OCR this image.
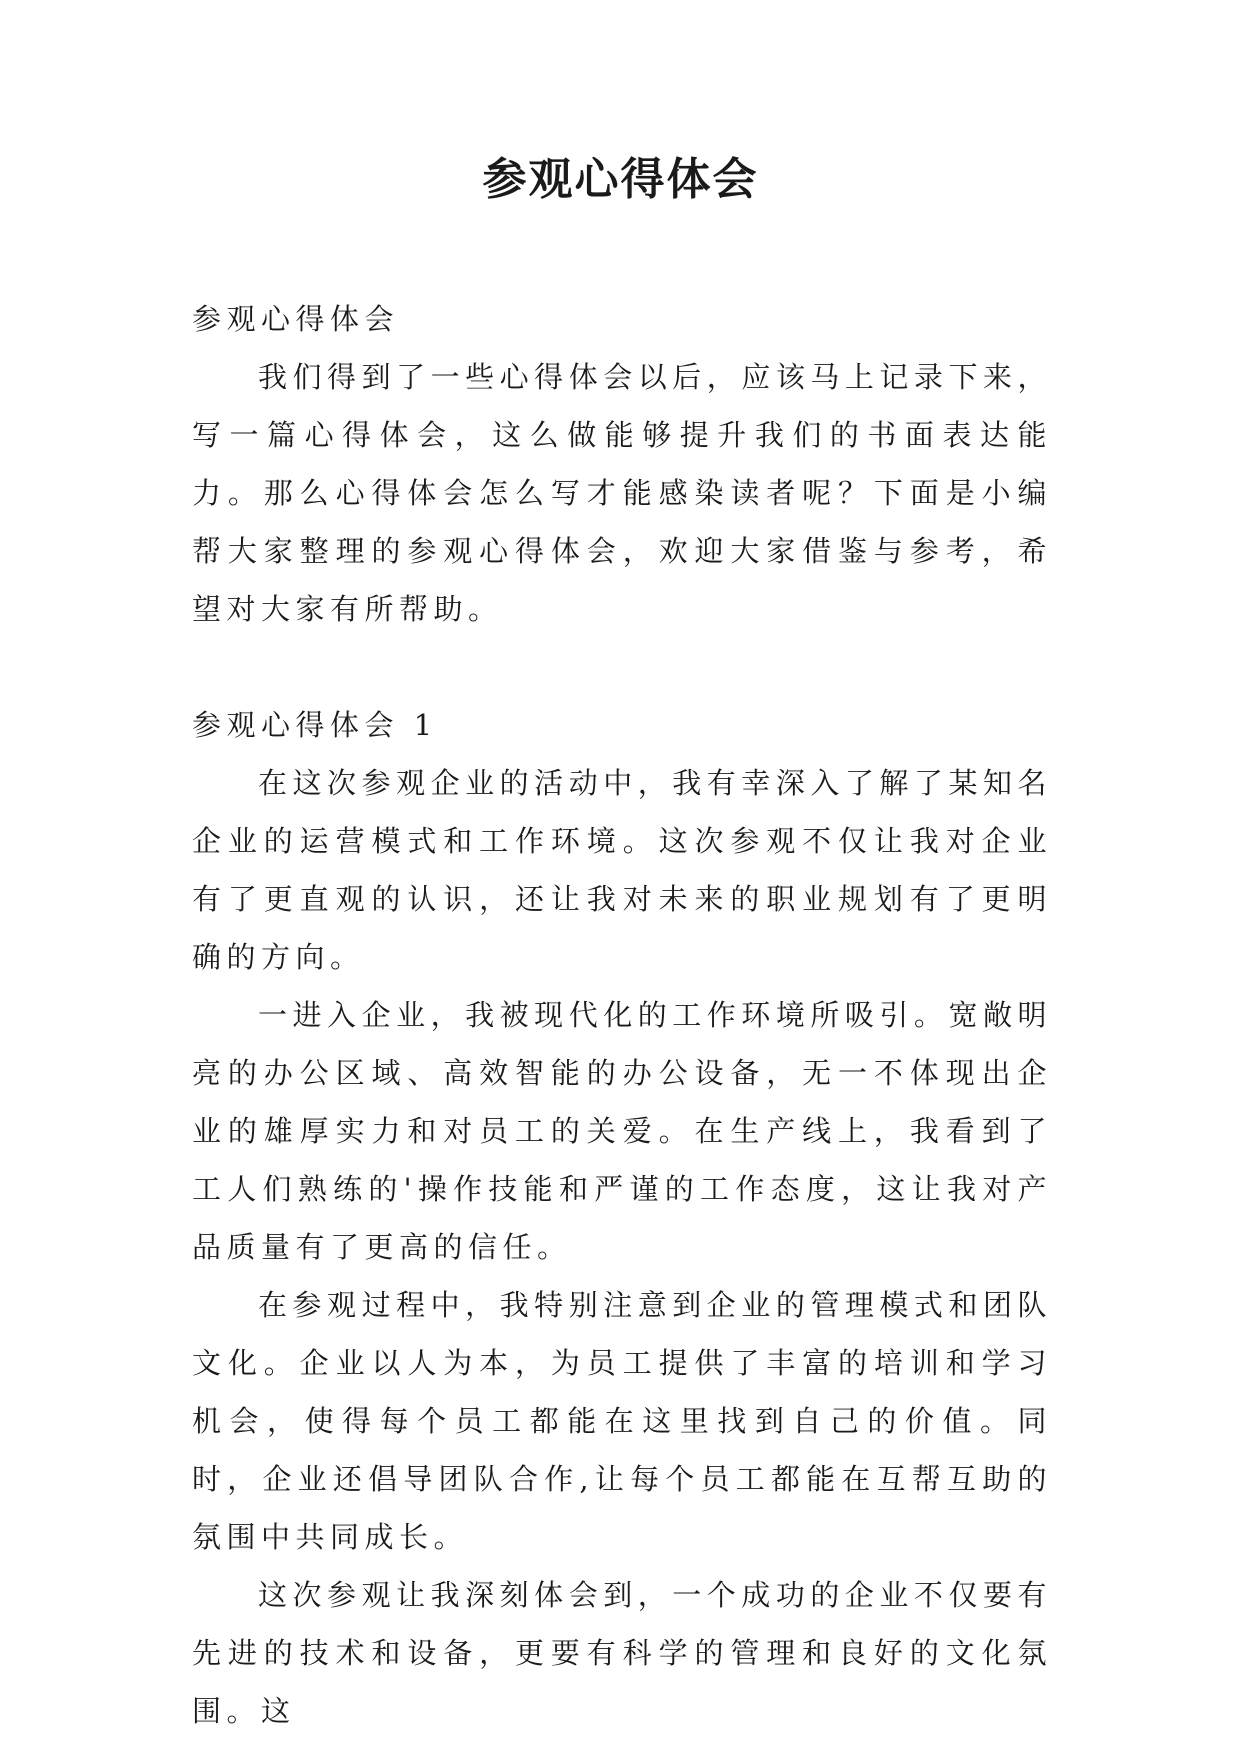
参观心得体会

参观心得体会

我们得到了一些心得体会以后，应该马上记录下来，写一篇心得体会，这么做能够提升我们的书面表达能力。那么心得体会怎么写才能感染读者呢？下面是小编帮大家整理的参观心得体会，欢迎大家借鉴与参考，希望对大家有所帮助。

参观心得体会 1

在这次参观企业的活动中，我有幸深入了解了某知名企业的运营模式和工作环境。这次参观不仅让我对企业有了更直观的认识，还让我对未来的职业规划有了更明确的方向。

一进入企业，我被现代化的工作环境所吸引。宽敞明亮的办公区域、高效智能的办公设备，无一不体现出企业的雄厚实力和对员工的关爱。在生产线上，我看到了工人们熟练的'操作技能和严谨的工作态度，这让我对产品质量有了更高的信任。

在参观过程中，我特别注意到企业的管理模式和团队文化。企业以人为本，为员工提供了丰富的培训和学习机会，使得每个员工都能在这里找到自己的价值。同时，企业还倡导团队合作,让每个员工都能在互帮互助的氛围中共同成长。

这次参观让我深刻体会到，一个成功的企业不仅要有先进的技术和设备，更要有科学的管理和良好的文化氛围。这
